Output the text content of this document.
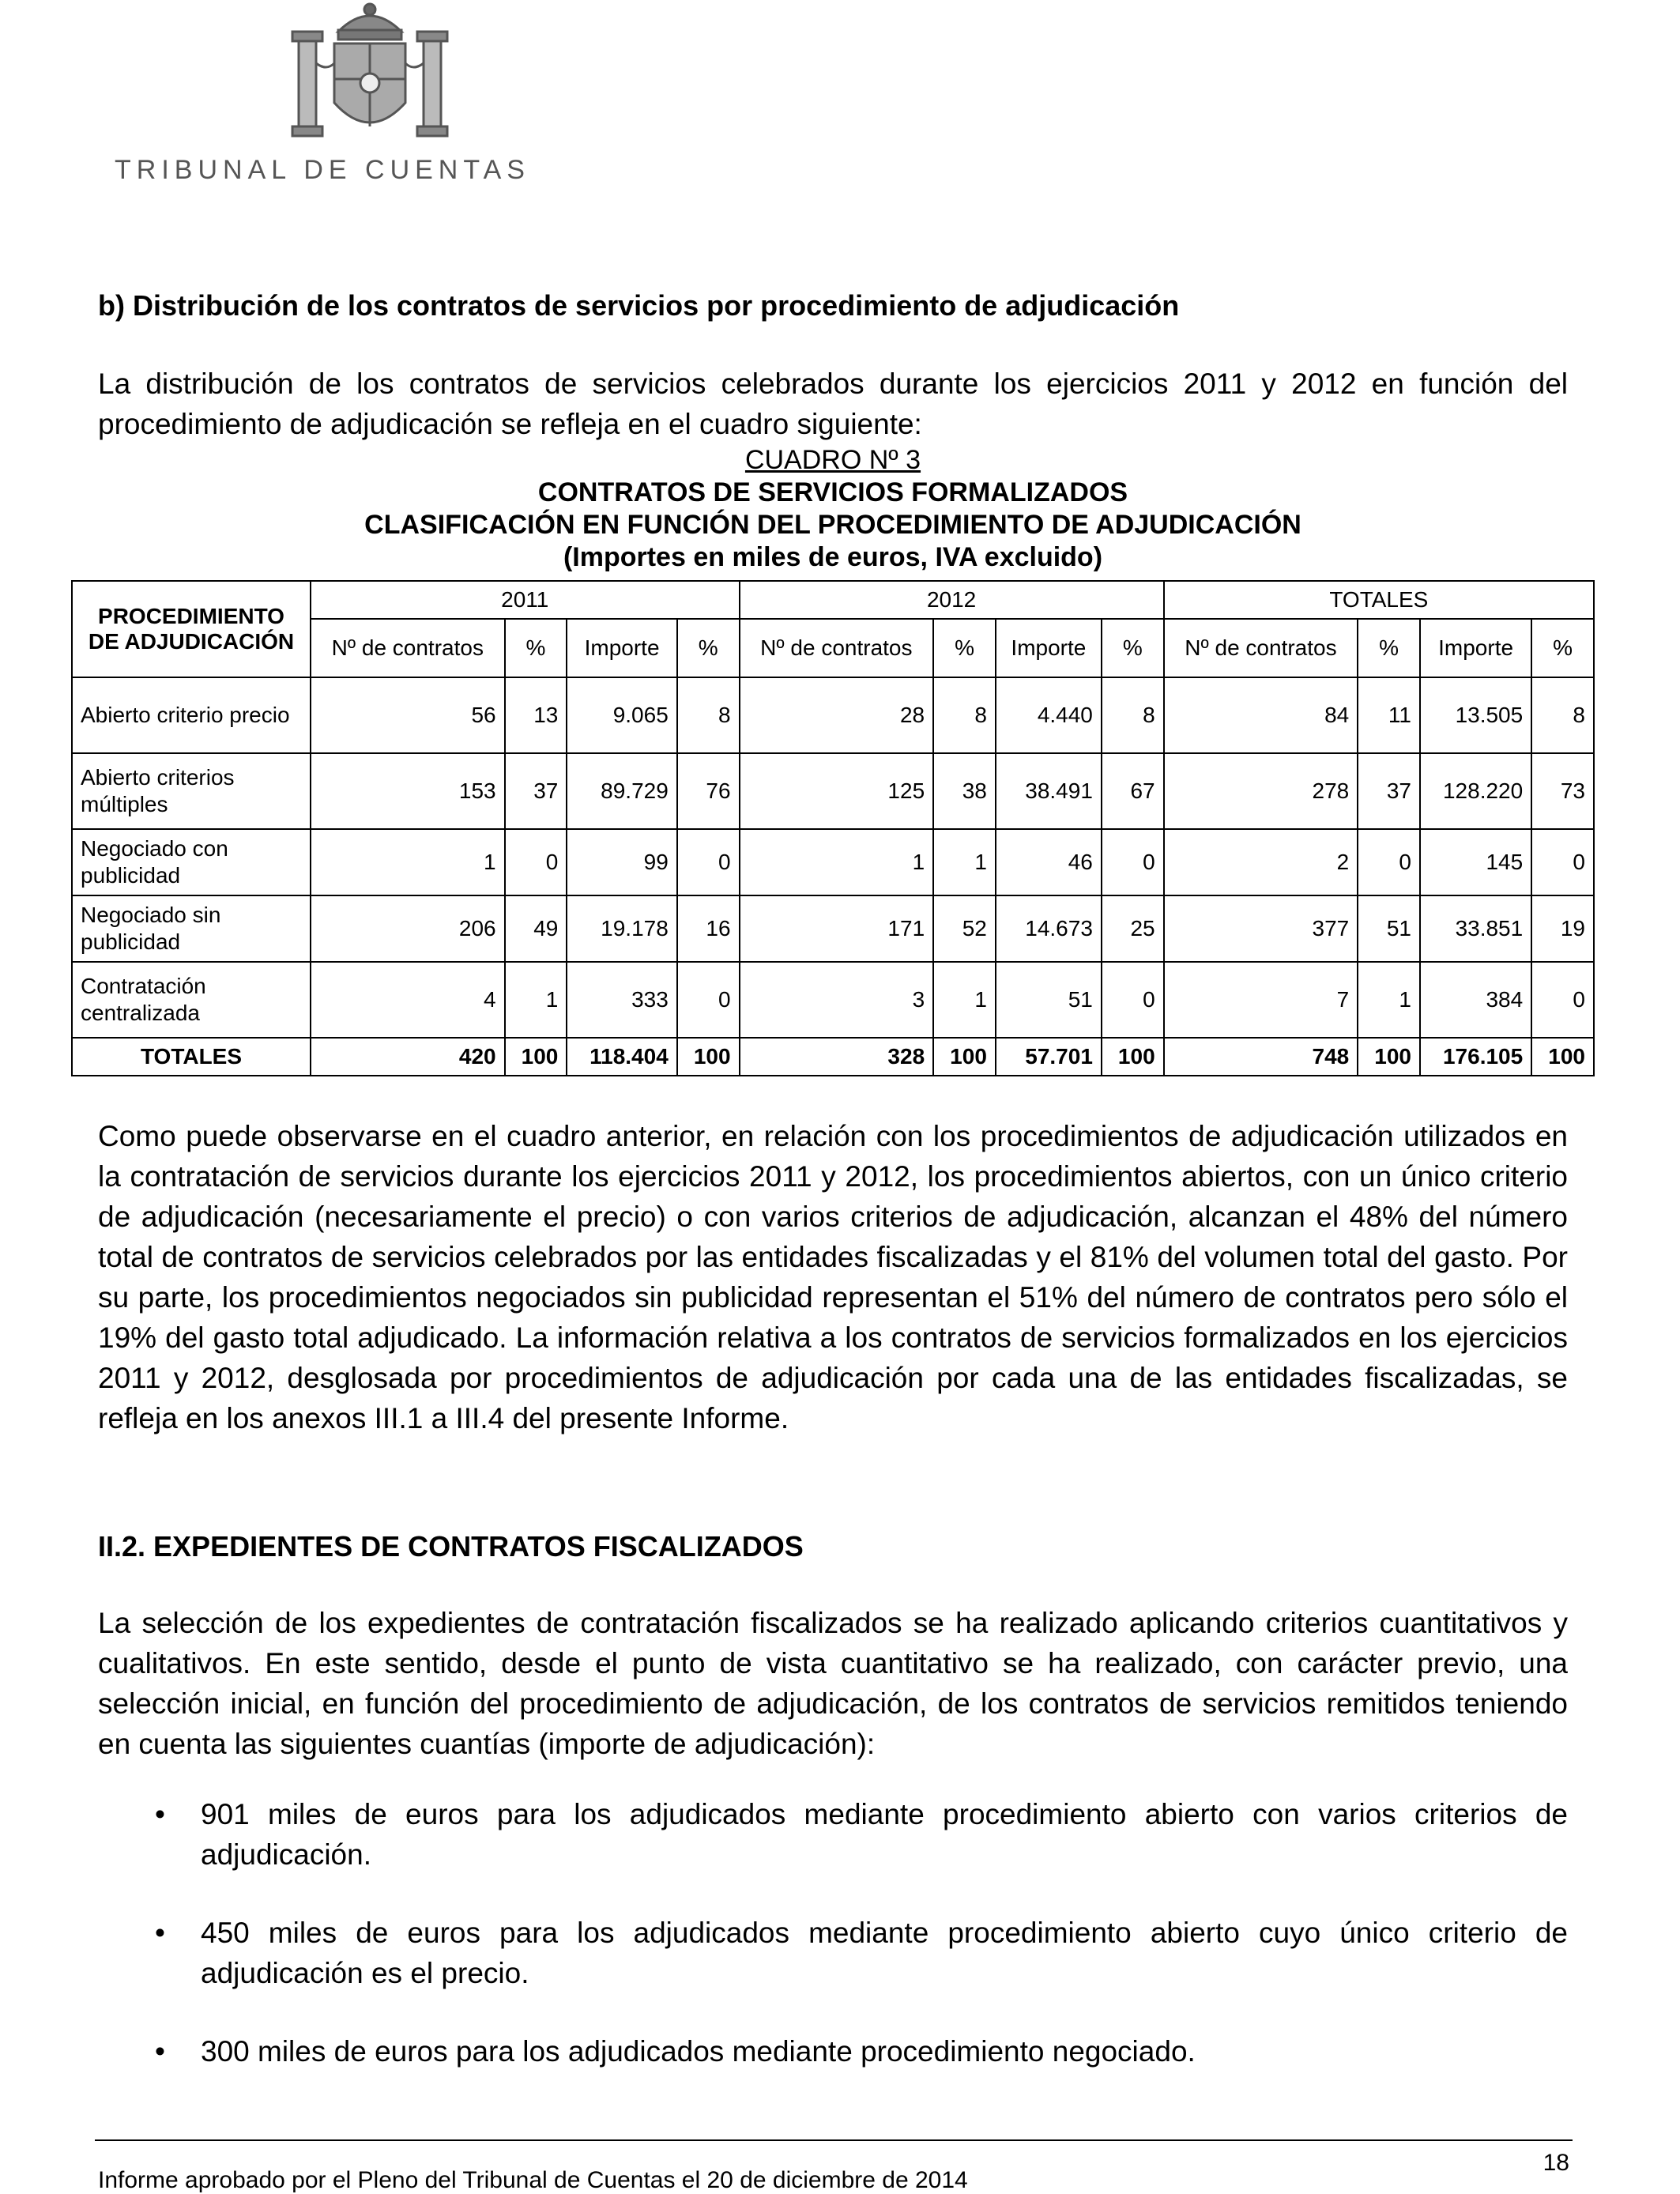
TRIBUNAL DE CUENTAS
b) Distribución de los contratos de servicios por procedimiento de adjudicación
La distribución de los contratos de servicios celebrados durante los ejercicios 2011 y 2012 en función del procedimiento de adjudicación se refleja en el cuadro siguiente:
CUADRO Nº 3
CONTRATOS DE SERVICIOS FORMALIZADOS
CLASIFICACIÓN EN FUNCIÓN DEL PROCEDIMIENTO DE ADJUDICACIÓN
(Importes en miles de euros, IVA excluido)
PROCEDIMIENTO DE ADJUDICACIÓN	2011				2012				TOTALES			
	Nº de contratos	%	Importe	%	Nº de contratos	%	Importe	%	Nº de contratos	%	Importe	%
Abierto criterio precio	56	13	9.065	8	28	8	4.440	8	84	11	13.505	8
Abierto criterios múltiples	153	37	89.729	76	125	38	38.491	67	278	37	128.220	73
Negociado con publicidad	1	0	99	0	1	1	46	0	2	0	145	0
Negociado sin publicidad	206	49	19.178	16	171	52	14.673	25	377	51	33.851	19
Contratación centralizada	4	1	333	0	3	1	51	0	7	1	384	0
TOTALES	420	100	118.404	100	328	100	57.701	100	748	100	176.105	100
Como puede observarse en el cuadro anterior, en relación con los procedimientos de adjudicación utilizados en la contratación de servicios durante los ejercicios 2011 y 2012, los procedimientos abiertos, con un único criterio de adjudicación (necesariamente el precio) o con varios criterios de adjudicación, alcanzan el 48% del número total de contratos de servicios celebrados por las entidades fiscalizadas y el 81% del volumen total del gasto. Por su parte, los procedimientos negociados sin publicidad representan el 51% del número de contratos pero sólo el 19% del gasto total adjudicado. La información relativa a los contratos de servicios formalizados en los ejercicios 2011 y 2012, desglosada por procedimientos de adjudicación por cada una de las entidades fiscalizadas, se refleja en los anexos III.1 a III.4 del presente Informe.
II.2. EXPEDIENTES DE CONTRATOS FISCALIZADOS
La selección de los expedientes de contratación fiscalizados se ha realizado aplicando criterios cuantitativos y cualitativos. En este sentido, desde el punto de vista cuantitativo se ha realizado, con carácter previo, una selección inicial, en función del procedimiento de adjudicación, de los contratos de servicios remitidos teniendo en cuenta las siguientes cuantías (importe de adjudicación):
• 901 miles de euros para los adjudicados mediante procedimiento abierto con varios criterios de adjudicación.
• 450 miles de euros para los adjudicados mediante procedimiento abierto cuyo único criterio de adjudicación es el precio.
• 300 miles de euros para los adjudicados mediante procedimiento negociado.
18
Informe aprobado por el Pleno del Tribunal de Cuentas el 20 de diciembre de 2014
